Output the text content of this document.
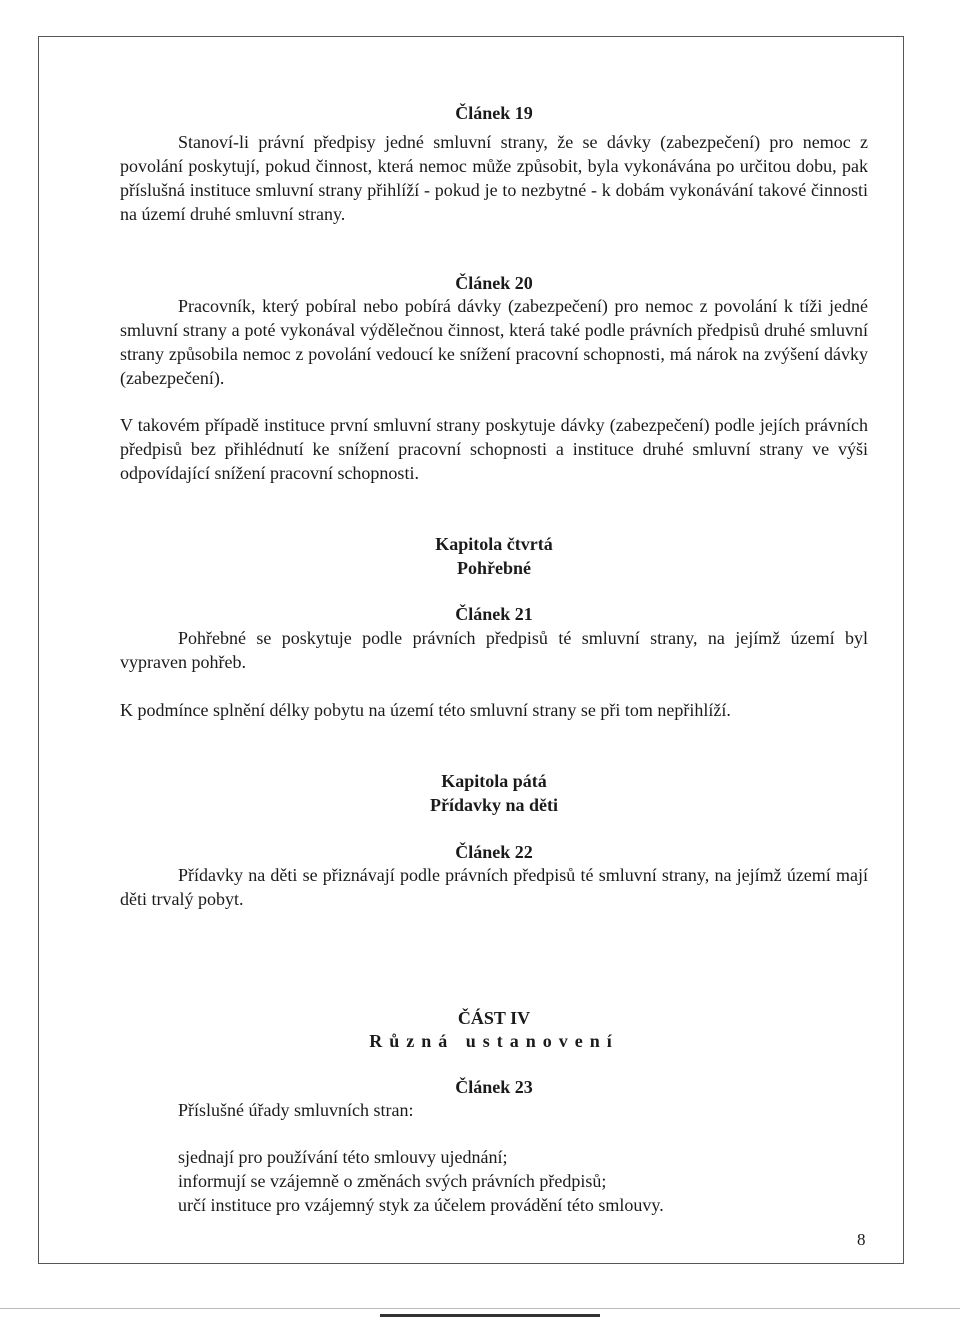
Článek 19
Stanoví-li právní předpisy jedné smluvní strany, že se dávky (zabezpečení) pro nemoc z povolání poskytují, pokud činnost, která nemoc může způsobit, byla vykonávána po určitou dobu, pak příslušná instituce smluvní strany přihlíží - pokud je to nezbytné - k dobám vykonávání takové činnosti na území druhé smluvní strany.
Článek 20
Pracovník, který pobíral nebo pobírá dávky (zabezpečení) pro nemoc z povolání k tíži jedné smluvní strany a poté vykonával výdělečnou činnost, která také podle právních předpisů druhé smluvní strany způsobila nemoc z povolání vedoucí ke snížení pracovní schopnosti, má nárok na zvýšení dávky (zabezpečení).
V takovém případě instituce první smluvní strany poskytuje dávky (zabezpečení) podle jejích právních předpisů bez přihlédnutí ke snížení pracovní schopnosti a instituce druhé smluvní strany ve výši odpovídající snížení pracovní schopnosti.
Kapitola čtvrtá
Pohřebné
Článek 21
Pohřebné se poskytuje podle právních předpisů té smluvní strany, na jejímž území byl vypraven pohřeb.
K podmínce splnění délky pobytu na území této smluvní strany se při tom nepřihlíží.
Kapitola pátá
Přídavky na děti
Článek 22
Přídavky na děti se přiznávají podle právních předpisů té smluvní strany, na jejímž území mají děti trvalý pobyt.
ČÁST IV
Různá ustanovení
Článek 23
Příslušné úřady smluvních stran:
sjednají pro používání této smlouvy ujednání;
informují se vzájemně o změnách svých právních předpisů;
určí instituce pro vzájemný styk za účelem provádění této smlouvy.
8
